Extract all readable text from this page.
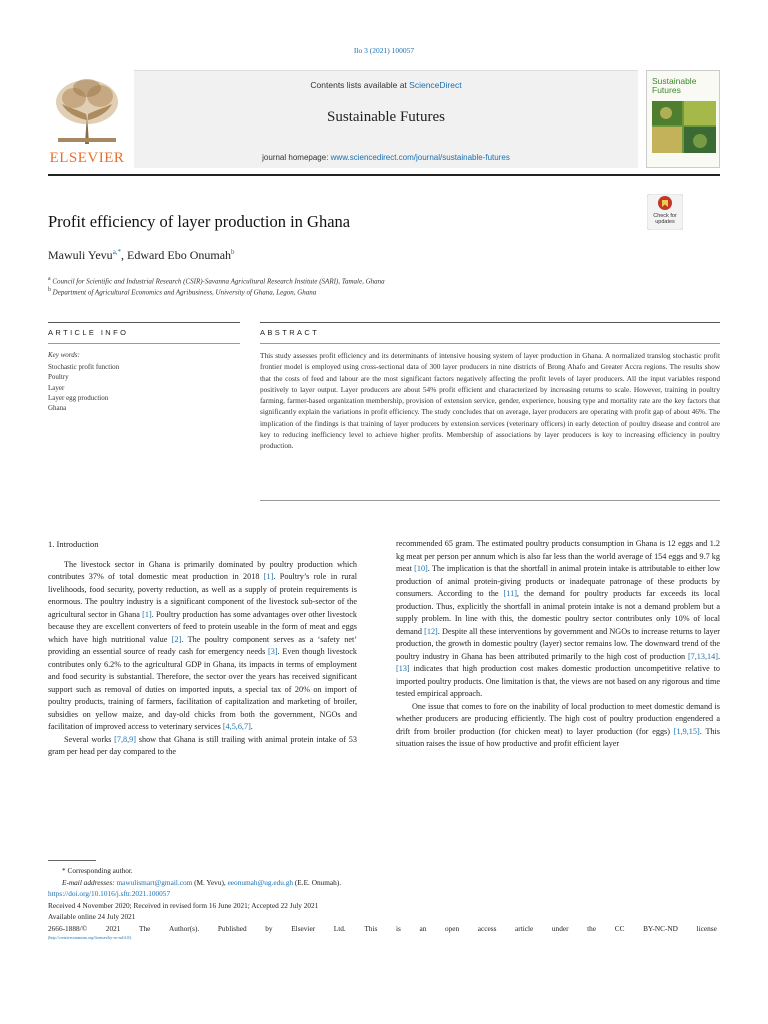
Ilo 3 (2021) 100057
ELSEVIER
Contents lists available at ScienceDirect
Sustainable Futures
journal homepage: www.sciencedirect.com/journal/sustainable-futures
Sustainable
Futures
Profit efficiency of layer production in Ghana	Check for updates
Mawuli Yevu$^{a,*}$, Edward Ebo Onumah$^b$
$^a$ Council for Scientific and Industrial Research (CSIR)-Savanna Agricultural Research Institute (SARI), Tamale, Ghana
$^b$ Department of Agricultural Economics and Agribusiness, University of Ghana, Legon, Ghana
ARTICLE INFO	ABSTRACT
Key words:
Stochastic profit function
Poultry
Layer
Layer egg production
Ghana
This study assesses profit efficiency and its determinants of intensive housing system of layer production in Ghana. A normalized translog stochastic profit frontier model is employed using cross-sectional data of 300 layer producers in nine districts of Brong Ahafo and Greater Accra regions. The results show that the costs of feed and labour are the most significant factors negatively affecting the profit levels of layer producers. All the input variables respond positively to layer output. Layer producers are about 54% profit efficient and characterized by increasing returns to scale. However, training in poultry farming, farmer-based organization membership, provision of extension service, gender, experience, housing type and mortality rate are the key factors that significantly explain the variations in profit efficiency. The study concludes that on average, layer producers are operating with profit gap of about 46%. The implication of the findings is that training of layer producers by extension services (veterinary officers) in early detection of poultry disease and control are key to reducing inefficiency level to achieve higher profits. Membership of associations by layer producers is key to increasing efficiency in poultry production.
1. Introduction

The livestock sector in Ghana is primarily dominated by poultry production which contributes 37% of total domestic meat production in 2018 [1]. Poultry’s role in rural livelihoods, food security, poverty reduction, as well as a supply of protein requirements is enormous. The poultry industry is a significant component of the livestock sub-sector of the agricultural sector in Ghana [1]. Poultry production has some advantages over other livestock because they are excellent converters of feed to protein useable in the form of meat and eggs which have high nutritional value [2]. The poultry component serves as a ‘safety net’ providing an essential source of ready cash for emergency needs [3]. Even though livestock contributes only 6.2% to the agricultural GDP in Ghana, its impacts in terms of employment and food security is substantial. Therefore, the sector over the years has received significant support such as removal of duties on imported inputs, a special tax of 20% on import of poultry products, training of farmers, facilitation of capitalization and marketing of broiler, subsidies on yellow maize, and day-old chicks from both the government, NGOs and facilitation of improved access to veterinary services [4,5,6,7].

Several works [7,8,9] show that Ghana is still trailing with animal protein intake of 53 gram per head per day compared to the

recommended 65 gram. The estimated poultry products consumption in Ghana is 12 eggs and 1.2 kg meat per person per annum which is also far less than the world average of 154 eggs and 9.7 kg meat [10]. The implication is that the shortfall in animal protein intake is attributable to either low production of animal protein-giving products or inadequate patronage of these products by consumers. According to the [11], the demand for poultry products far exceeds its local production. Thus, explicitly the shortfall in animal protein intake is not a demand problem but a supply problem. In line with this, the domestic poultry sector contributes only 10% of local demand [12]. Despite all these interventions by government and NGOs to increase returns to layer production, the growth in domestic poultry (layer) sector remains low. The downward trend of the poultry industry in Ghana has been attributed primarily to the high cost of production [7,13,14]. [13] indicates that high production cost makes domestic production uncompetitive relative to imported poultry products. One limitation is that, the views are not based on any rigorous and time tested empirical approach.

One issue that comes to fore on the inability of local production to meet domestic demand is whether producers are producing efficiently. The high cost of poultry production engendered a drift from broiler production (for chicken meat) to layer production (for eggs) [1,9,15]. This situation raises the issue of how productive and profit efficient layer

* Corresponding author.
E-mail addresses: mawulismart@gmail.com (M. Yevu), eeonumah@ug.edu.gh (E.E. Onumah).
https://doi.org/10.1016/j.sftr.2021.100057
Received 4 November 2020; Received in revised form 16 June 2021; Accepted 22 July 2021
Available online 24 July 2021
2666-1888/©	2021	The	Author(s).	Published	by	Elsevier	Ltd.	This	is	an	open	access	article	under	the	CC	BY-NC-ND	license
(http://creativecommons.org/licenses/by-nc-nd/4.0/).
